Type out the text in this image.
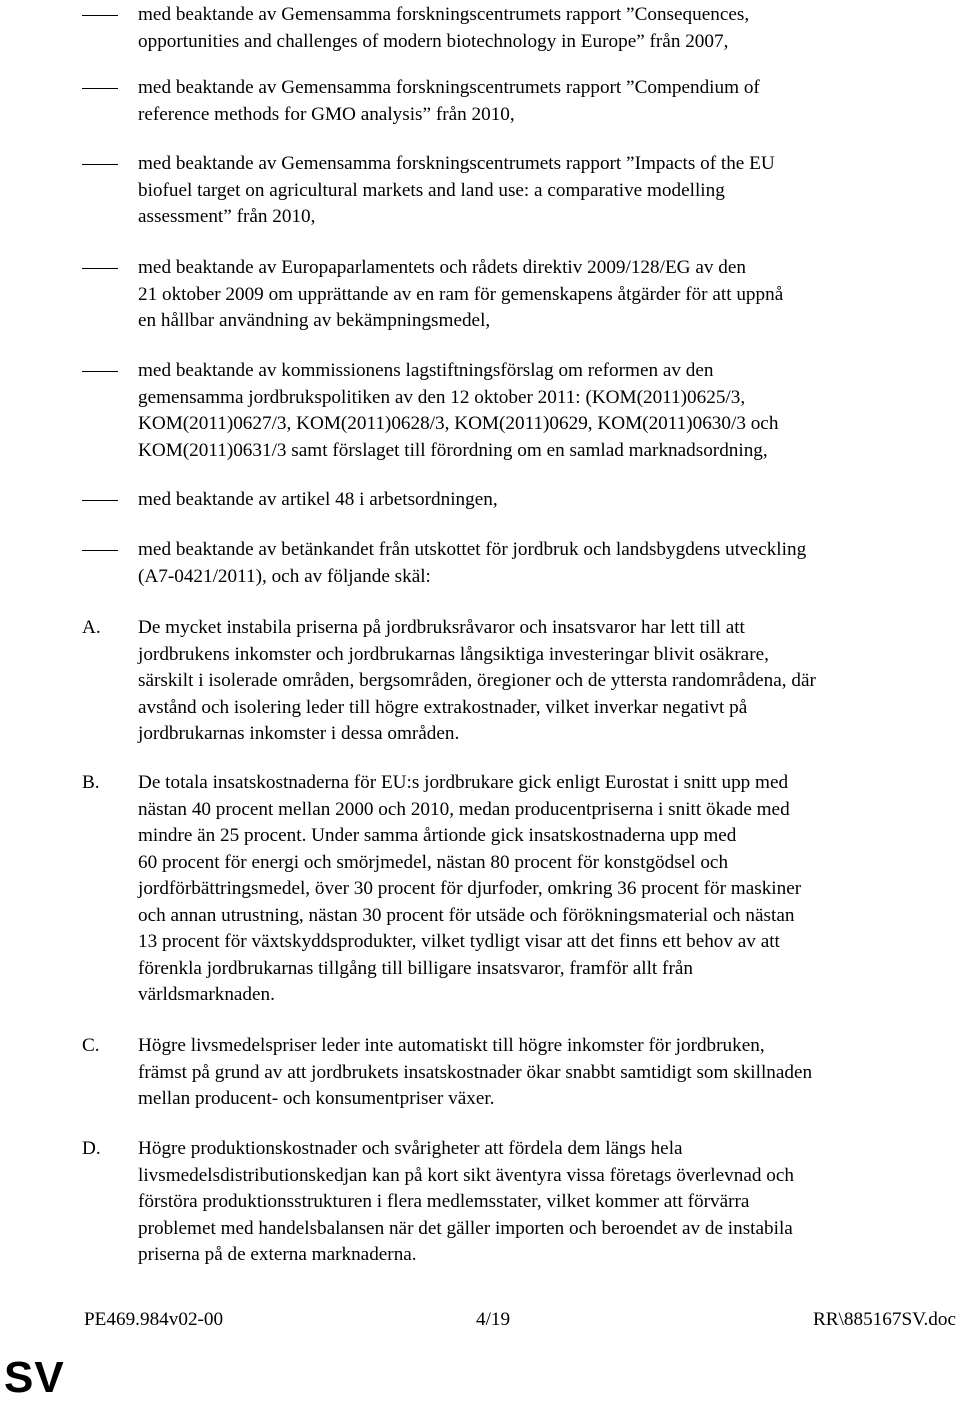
med beaktande av Gemensamma forskningscentrumets rapport ”Consequences,
opportunities and challenges of modern biotechnology in Europe” från 2007,
med beaktande av Gemensamma forskningscentrumets rapport ”Compendium of
reference methods for GMO analysis” från 2010,
med beaktande av Gemensamma forskningscentrumets rapport ”Impacts of the EU
biofuel target on agricultural markets and land use: a comparative modelling
assessment” från 2010,
med beaktande av Europaparlamentets och rådets direktiv 2009/128/EG av den
21 oktober 2009 om upprättande av en ram för gemenskapens åtgärder för att uppnå
en hållbar användning av bekämpningsmedel,
med beaktande av kommissionens lagstiftningsförslag om reformen av den
gemensamma jordbrukspolitiken av den 12 oktober 2011: (KOM(2011)0625/3,
KOM(2011)0627/3, KOM(2011)0628/3, KOM(2011)0629, KOM(2011)0630/3 och
KOM(2011)0631/3 samt förslaget till förordning om en samlad marknadsordning,
med beaktande av artikel 48 i arbetsordningen,
med beaktande av betänkandet från utskottet för jordbruk och landsbygdens utveckling
(A7-0421/2011), och av följande skäl:
A. De mycket instabila priserna på jordbruksråvaror och insatsvaror har lett till att
jordbrukens inkomster och jordbrukarnas långsiktiga investeringar blivit osäkrare,
särskilt i isolerade områden, bergsområden, öregioner och de yttersta randområdena, där
avstånd och isolering leder till högre extrakostnader, vilket inverkar negativt på
jordbrukarnas inkomster i dessa områden.
B. De totala insatskostnaderna för EU:s jordbrukare gick enligt Eurostat i snitt upp med
nästan 40 procent mellan 2000 och 2010, medan producentpriserna i snitt ökade med
mindre än 25 procent. Under samma årtionde gick insatskostnaderna upp med
60 procent för energi och smörjmedel, nästan 80 procent för konstgödsel och
jordförbättringsmedel, över 30 procent för djurfoder, omkring 36 procent för maskiner
och annan utrustning, nästan 30 procent för utsäde och förökningsmaterial och nästan
13 procent för växtskyddsprodukter, vilket tydligt visar att det finns ett behov av att
förenkla jordbrukarnas tillgång till billigare insatsvaror, framför allt från
världsmarknaden.
C. Högre livsmedelspriser leder inte automatiskt till högre inkomster för jordbruken,
främst på grund av att jordbrukets insatskostnader ökar snabbt samtidigt som skillnaden
mellan producent- och konsumentpriser växer.
D. Högre produktionskostnader och svårigheter att fördela dem längs hela
livsmedelsdistributionskedjan kan på kort sikt äventyra vissa företags överlevnad och
förstöra produktionsstrukturen i flera medlemsstater, vilket kommer att förvärra
problemet med handelsbalansen när det gäller importen och beroendet av de instabila
priserna på de externa marknaderna.
PE469.984v02-00	4/19	RR\885167SV.doc
SV
